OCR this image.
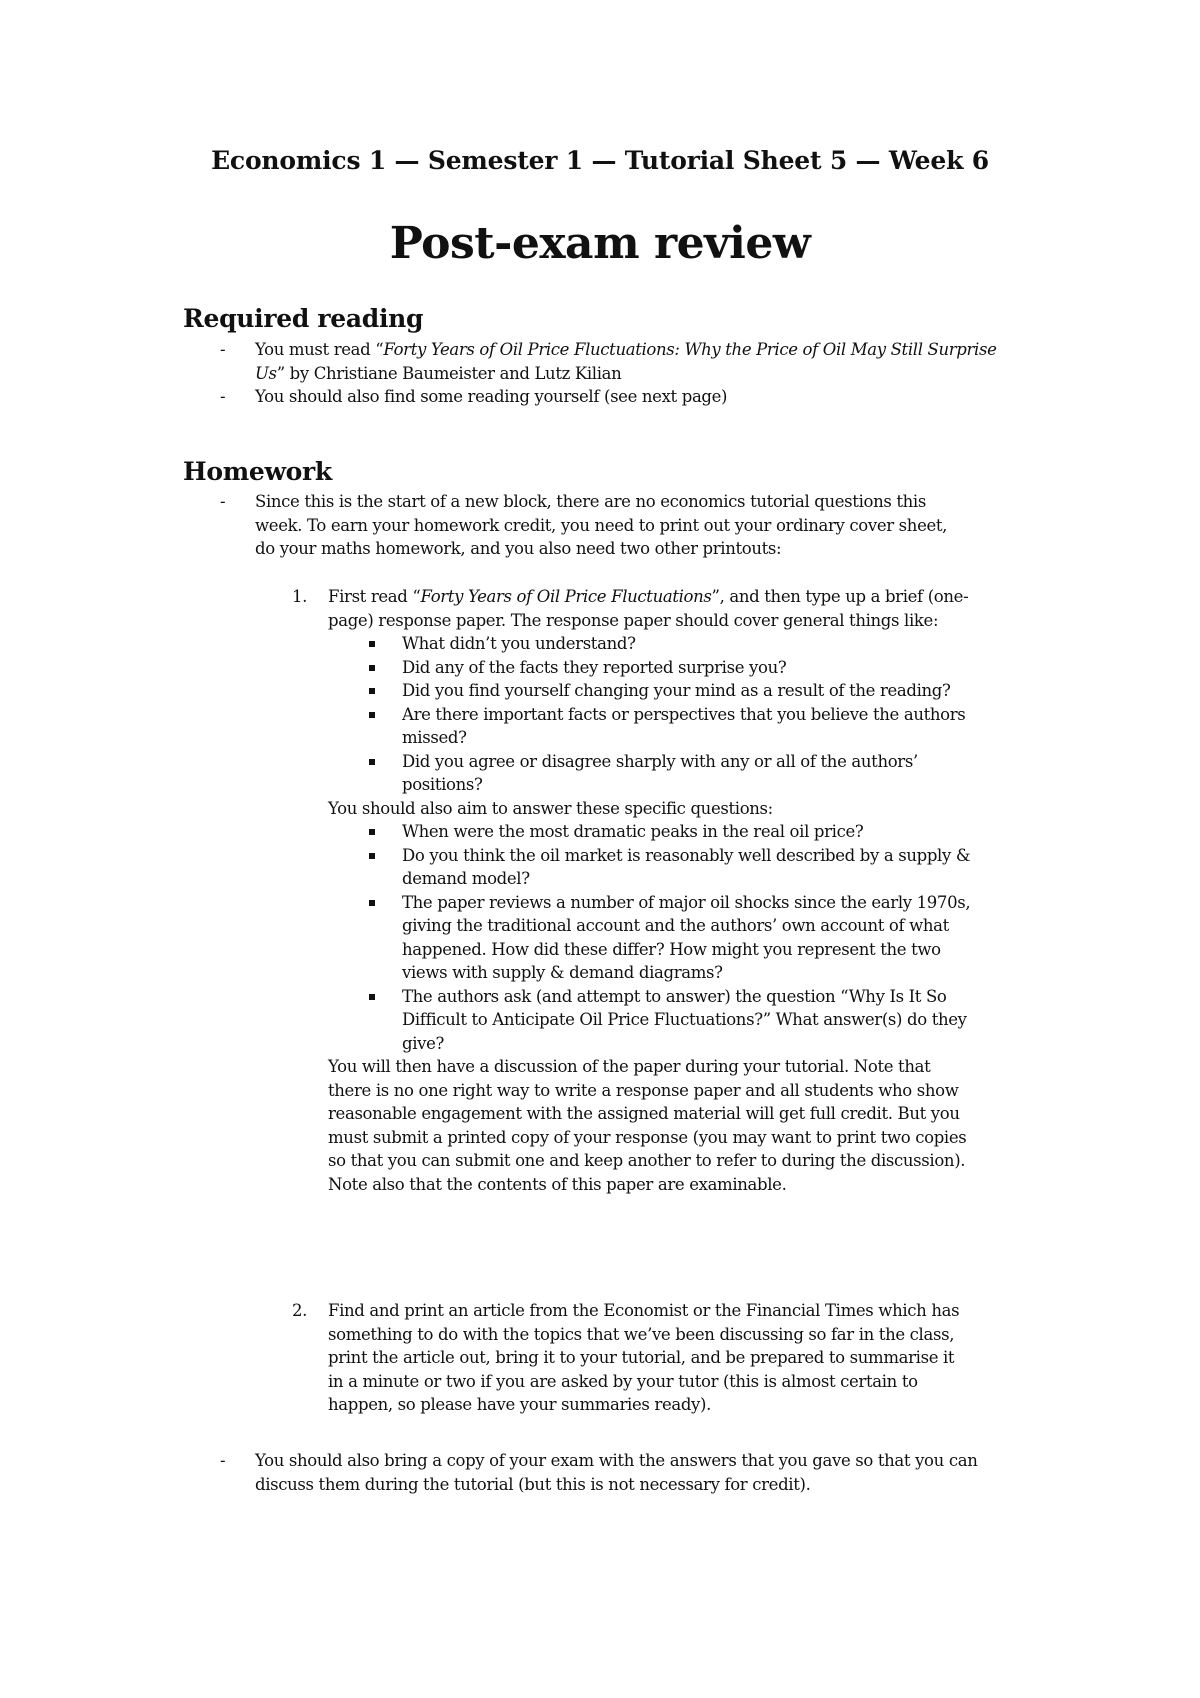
Economics 1 — Semester 1 — Tutorial Sheet 5 — Week 6
Post-exam review
Required reading
- You must read “Forty Years of Oil Price Fluctuations: Why the Price of Oil May Still Surprise Us” by Christiane Baumeister and Lutz Kilian
- You should also find some reading yourself (see next page)
Homework
- Since this is the start of a new block, there are no economics tutorial questions this week. To earn your homework credit, you need to print out your ordinary cover sheet, do your maths homework, and you also need two other printouts:
1. First read “Forty Years of Oil Price Fluctuations”, and then type up a brief (one-page) response paper. The response paper should cover general things like:

What didn’t you understand?
Did any of the facts they reported surprise you?
Did you find yourself changing your mind as a result of the reading?
Are there important facts or perspectives that you believe the authors missed?
Did you agree or disagree sharply with any or all of the authors’ positions?

You should also aim to answer these specific questions:

When were the most dramatic peaks in the real oil price?
Do you think the oil market is reasonably well described by a supply & demand model?
The paper reviews a number of major oil shocks since the early 1970s, giving the traditional account and the authors’ own account of what happened. How did these differ? How might you represent the two views with supply & demand diagrams?
The authors ask (and attempt to answer) the question “Why Is It So Difficult to Anticipate Oil Price Fluctuations?” What answer(s) do they give?

You will then have a discussion of the paper during your tutorial. Note that there is no one right way to write a response paper and all students who show reasonable engagement with the assigned material will get full credit. But you must submit a printed copy of your response (you may want to print two copies so that you can submit one and keep another to refer to during the discussion). Note also that the contents of this paper are examinable.

2. Find and print an article from the Economist or the Financial Times which has something to do with the topics that we’ve been discussing so far in the class, print the article out, bring it to your tutorial, and be prepared to summarise it in a minute or two if you are asked by your tutor (this is almost certain to happen, so please have your summaries ready).

- You should also bring a copy of your exam with the answers that you gave so that you can discuss them during the tutorial (but this is not necessary for credit).
